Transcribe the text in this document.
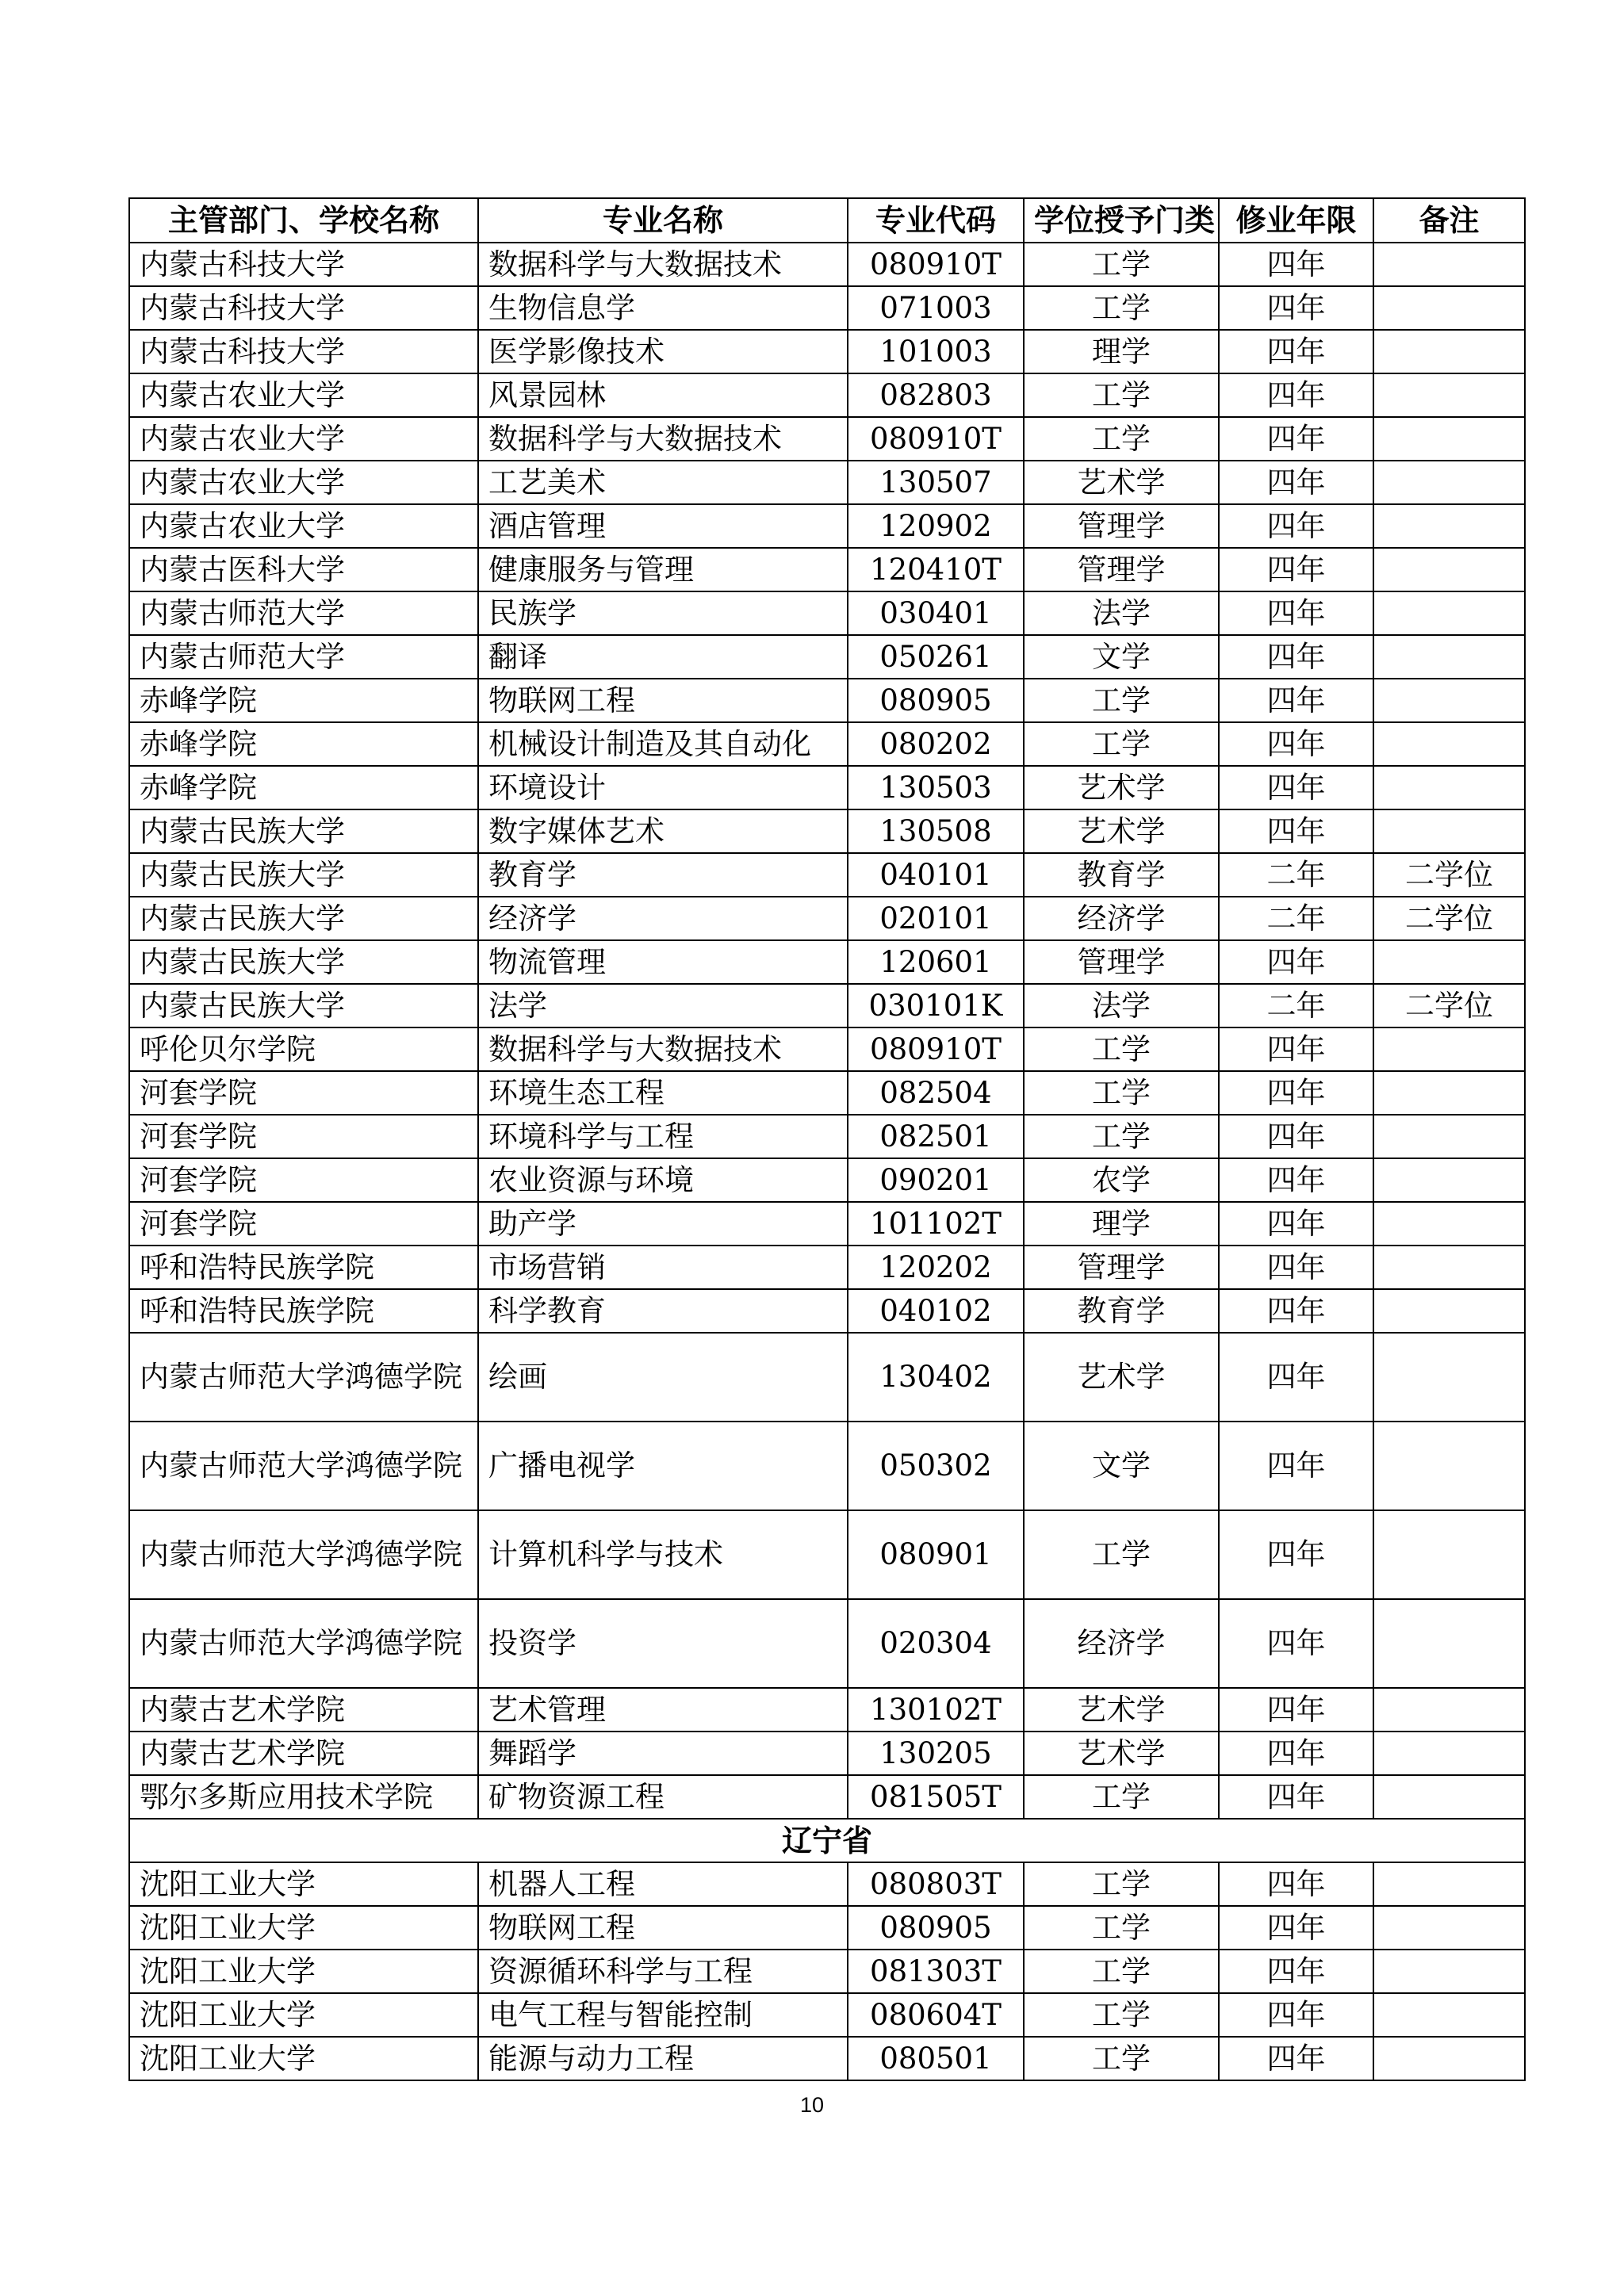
主管部门、学校名称	专业名称	专业代码	学位授予门类	修业年限	备注
内蒙古科技大学	数据科学与大数据技术	080910T	工学	四年	
内蒙古科技大学	生物信息学	071003	工学	四年	
内蒙古科技大学	医学影像技术	101003	理学	四年	
内蒙古农业大学	风景园林	082803	工学	四年	
内蒙古农业大学	数据科学与大数据技术	080910T	工学	四年	
内蒙古农业大学	工艺美术	130507	艺术学	四年	
内蒙古农业大学	酒店管理	120902	管理学	四年	
内蒙古医科大学	健康服务与管理	120410T	管理学	四年	
内蒙古师范大学	民族学	030401	法学	四年	
内蒙古师范大学	翻译	050261	文学	四年	
赤峰学院	物联网工程	080905	工学	四年	
赤峰学院	机械设计制造及其自动化	080202	工学	四年	
赤峰学院	环境设计	130503	艺术学	四年	
内蒙古民族大学	数字媒体艺术	130508	艺术学	四年	
内蒙古民族大学	教育学	040101	教育学	二年	二学位
内蒙古民族大学	经济学	020101	经济学	二年	二学位
内蒙古民族大学	物流管理	120601	管理学	四年	
内蒙古民族大学	法学	030101K	法学	二年	二学位
呼伦贝尔学院	数据科学与大数据技术	080910T	工学	四年	
河套学院	环境生态工程	082504	工学	四年	
河套学院	环境科学与工程	082501	工学	四年	
河套学院	农业资源与环境	090201	农学	四年	
河套学院	助产学	101102T	理学	四年	
呼和浩特民族学院	市场营销	120202	管理学	四年	
呼和浩特民族学院	科学教育	040102	教育学	四年	
内蒙古师范大学鸿德学院	绘画	130402	艺术学	四年	
内蒙古师范大学鸿德学院	广播电视学	050302	文学	四年	
内蒙古师范大学鸿德学院	计算机科学与技术	080901	工学	四年	
内蒙古师范大学鸿德学院	投资学	020304	经济学	四年	
内蒙古艺术学院	艺术管理	130102T	艺术学	四年	
内蒙古艺术学院	舞蹈学	130205	艺术学	四年	
鄂尔多斯应用技术学院	矿物资源工程	081505T	工学	四年	
辽宁省					
沈阳工业大学	机器人工程	080803T	工学	四年	
沈阳工业大学	物联网工程	080905	工学	四年	
沈阳工业大学	资源循环科学与工程	081303T	工学	四年	
沈阳工业大学	电气工程与智能控制	080604T	工学	四年	
沈阳工业大学	能源与动力工程	080501	工学	四年	
10
